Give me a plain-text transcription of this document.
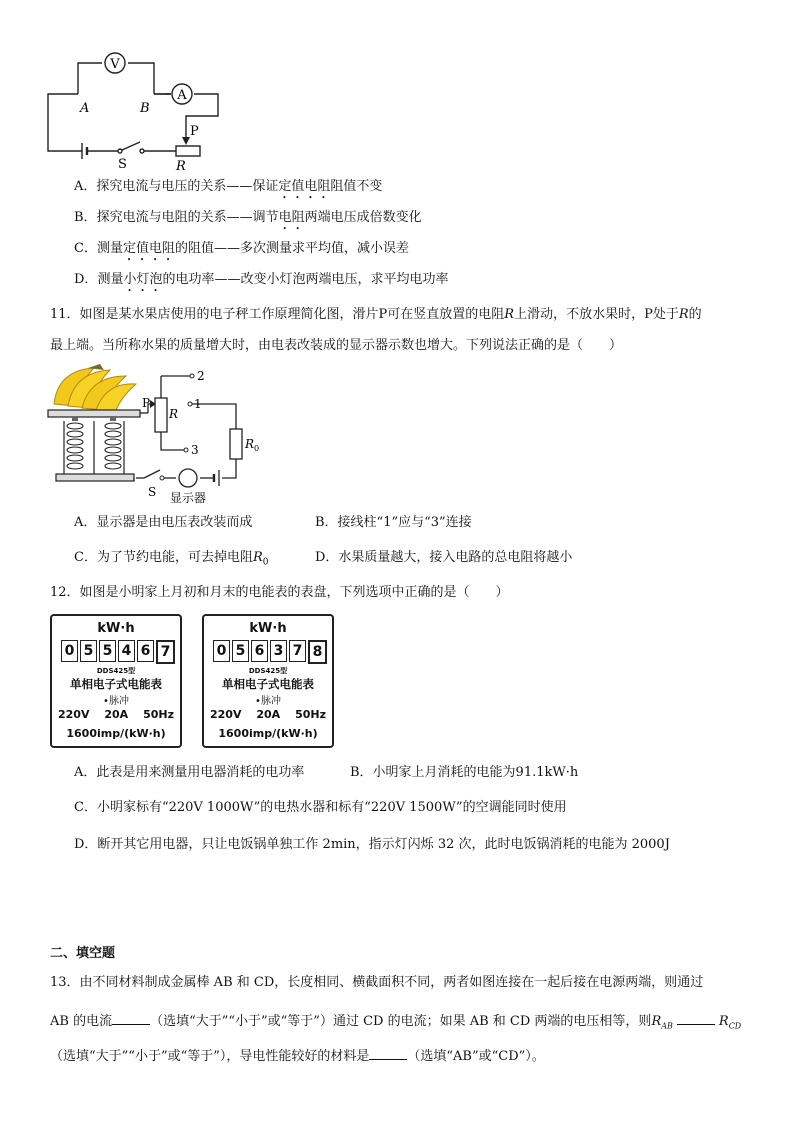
V
A
A	B
P
S	R
A．探究电流与电压的关系——保证定值电阻阻值不变
B．探究电流与电阻的关系——调节电阻两端电压成倍数变化
C．测量定值电阻的阻值——多次测量求平均值，减小误差
D．测量小灯泡的电功率——改变小灯泡两端电压，求平均电功率
11．如图是某水果店使用的电子秤工作原理简化图，滑片P可在竖直放置的电阻R上滑动，不放水果时，P处于R的
最上端。当所称水果的质量增大时，由电表改装成的显示器示数也增大。下列说法正确的是（　　）
2
1
3
P
R
$R_0$
S 显示器
A．显示器是由电压表改装而成	B．接线柱“1”应与“3”连接
C．为了节约电能，可去掉电阻$R_0$	D．水果质量越大，接入电路的总电阻将越小
12．如图是小明家上月初和月末的电能表的表盘，下列选项中正确的是（　　）
kW·h
0 5 5 4 6 7
DDS425型
单相电子式电能表
•脉冲
220V 20A 50Hz
1600imp/(kW·h)
kW·h
0 5 6 3 7 8
DDS425型
单相电子式电能表
•脉冲
220V 20A 50Hz
1600imp/(kW·h)
A．此表是用来测量用电器消耗的电功率	B．小明家上月消耗的电能为91.1kW·h
C．小明家标有“220V 1000W”的电热水器和标有“220V 1500W”的空调能同时使用
D．断开其它用电器，只让电饭锅单独工作 2min，指示灯闪烁 32 次，此时电饭锅消耗的电能为 2000J
二、填空题
13．由不同材料制成金属棒 AB 和 CD，长度相同、横截面积不同，两者如图连接在一起后接在电源两端，则通过
AB 的电流	（选填“大于”“小于”或“等于”）通过 CD 的电流；如果 AB 和 CD 两端的电压相等，则$R_{AB}$	$R_{CD}$
（选填“大于”“小于”或“等于”），导电性能较好的材料是	（选填“AB”或“CD”）。
